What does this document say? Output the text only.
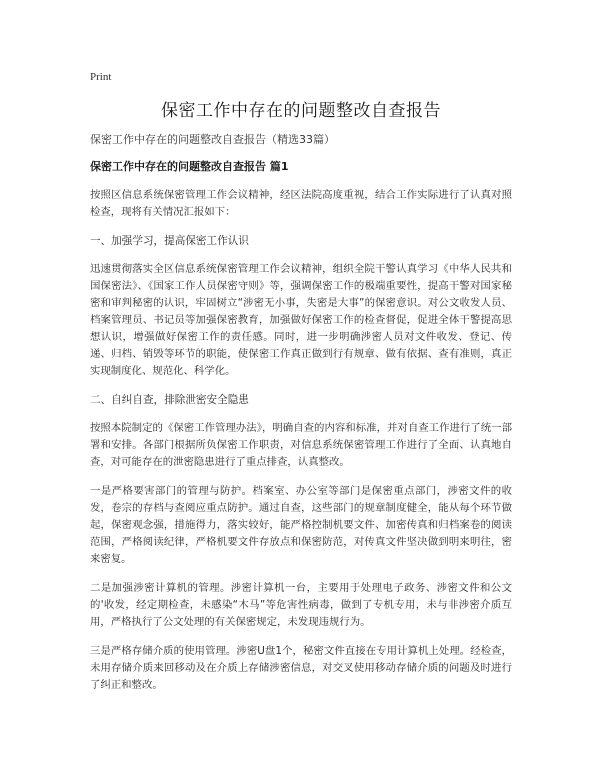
Print

保密工作中存在的问题整改自查报告

保密工作中存在的问题整改自查报告（精选33篇）

保密工作中存在的问题整改自查报告 篇1

按照区信息系统保密管理工作会议精神，经区法院高度重视，结合工作实际进行了认真对照检查，现将有关情况汇报如下：

一、加强学习，提高保密工作认识

迅速贯彻落实全区信息系统保密管理工作会议精神，组织全院干警认真学习《中华人民共和国保密法》、《国家工作人员保密守则》等，强调保密工作的极端重要性，提高干警对国家秘密和审判秘密的认识，牢固树立“涉密无小事，失密是大事”的保密意识。对公文收发人员、档案管理员、书记员等加强保密教育，加强做好保密工作的检查督促，促进全体干警提高思想认识，增强做好保密工作的责任感。同时，进一步明确涉密人员对文件收发、登记、传递、归档、销毁等环节的职能，使保密工作真正做到行有规章、做有依据、查有准则，真正实现制度化、规范化、科学化。

二、自纠自查，排除泄密安全隐患

按照本院制定的《保密工作管理办法》，明确自查的内容和标准，并对自查工作进行了统一部署和安排。各部门根据所负保密工作职责，对信息系统保密管理工作进行了全面、认真地自查，对可能存在的泄密隐患进行了重点排查，认真整改。

一是严格要害部门的管理与防护。档案室、办公室等部门是保密重点部门，涉密文件的收发，卷宗的存档与查阅应重点防护。通过自查，这些部门的规章制度健全，能从每个环节做起，保密观念强，措施得力，落实较好，能严格控制机要文件、加密传真和归档案卷的阅读范围，严格阅读纪律，严格机要文件存放点和保密防范，对传真文件坚决做到明来明往，密来密复。

二是加强涉密计算机的管理。涉密计算机一台，主要用于处理电子政务、涉密文件和公文的'收发，经定期检查，未感染“木马”等危害性病毒，做到了专机专用，未与非涉密介质互用，严格执行了公文处理的有关保密规定，未发现违规行为。

三是严格存储介质的使用管理。涉密U盘1个，秘密文件直接在专用计算机上处理。经检查，未用存储介质来回移动及在介质上存储涉密信息，对交叉使用移动存储介质的问题及时进行了纠正和整改。
